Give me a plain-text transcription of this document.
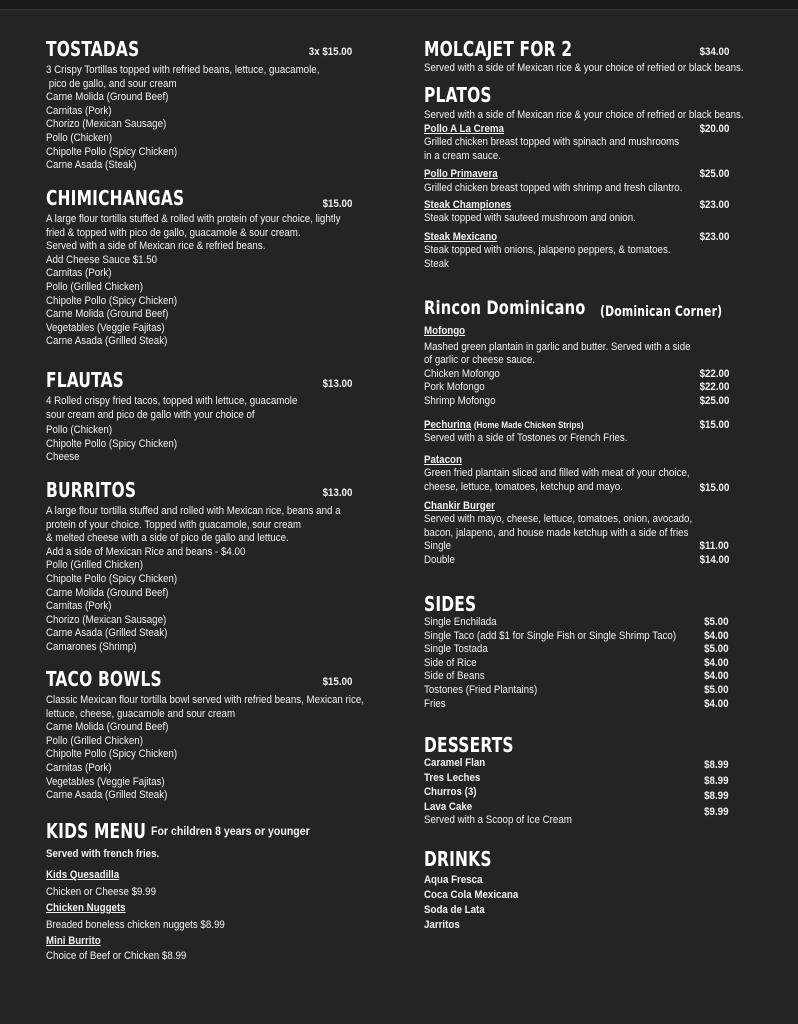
TOSTADAS	3x $15.00
3 Crispy Tortillas topped with refried beans, lettuce, guacamole,
pico de gallo, and sour cream
Carne Molida (Ground Beef)
Carnitas (Pork)
Chorizo (Mexican Sausage)
Pollo (Chicken)
Chipolte Pollo (Spicy Chicken)
Carne Asada (Steak)
CHIMICHANGAS	$15.00
A large flour tortilla stuffed & rolled with protein of your choice, lightly
fried & topped with pico de gallo, guacamole & sour cream.
Served with a side of Mexican rice & refried beans.
Add Cheese Sauce $1.50
Carnitas (Pork)
Pollo (Grilled Chicken)
Chipolte Pollo (Spicy Chicken)
Carne Molida (Ground Beef)
Vegetables (Veggie Fajitas)
Carne Asada (Grilled Steak)
FLAUTAS	$13.00
4 Rolled crispy fried tacos, topped with lettuce, guacamole
sour cream and pico de gallo with your choice of
Pollo (Chicken)
Chipolte Pollo (Spicy Chicken)
Cheese
BURRITOS	$13.00
A large flour tortilla stuffed and rolled with Mexican rice, beans and a
protein of your choice. Topped with guacamole, sour cream
& melted cheese with a side of pico de gallo and lettuce.
Add a side of Mexican Rice and beans - $4.00
Pollo (Grilled Chicken)
Chipolte Pollo (Spicy Chicken)
Carne Molida (Ground Beef)
Carnitas (Pork)
Chorizo (Mexican Sausage)
Carne Asada (Grilled Steak)
Camarones (Shrimp)
TACO BOWLS	$15.00
Classic Mexican flour tortilla bowl served with refried beans, Mexican rice,
lettuce, cheese, guacamole and sour cream
Carne Molida (Ground Beef)
Pollo (Grilled Chicken)
Chipolte Pollo (Spicy Chicken)
Carnitas (Pork)
Vegetables (Veggie Fajitas)
Carne Asada (Grilled Steak)
KIDS MENU For children 8 years or younger
Served with french fries.
Kids Quesadilla
Chicken or Cheese $9.99
Chicken Nuggets
Breaded boneless chicken nuggets $8.99
Mini Burrito
Choice of Beef or Chicken $8.99
MOLCAJET FOR 2	$34.00
Served with a side of Mexican rice & your choice of refried or black beans.
PLATOS
Served with a side of Mexican rice & your choice of refried or black beans.
Pollo A La Crema	$20.00
Grilled chicken breast topped with spinach and mushrooms
in a cream sauce.
Pollo Primavera	$25.00
Grilled chicken breast topped with shrimp and fresh cilantro.
Steak Championes	$23.00
Steak topped with sauteed mushroom and onion.
Steak Mexicano	$23.00
Steak topped with onions, jalapeno peppers, & tomatoes.
Steak
Rincon Dominicano (Dominican Corner)
Mofongo
Mashed green plantain in garlic and butter. Served with a side
of garlic or cheese sauce.
Chicken Mofongo	$22.00
Pork Mofongo	$22.00
Shrimp Mofongo	$25.00
Pechurina (Home Made Chicken Strips)	$15.00
Served with a side of Tostones or French Fries.
Patacon
Green fried plantain sliced and filled with meat of your choice,
cheese, lettuce, tomatoes, ketchup and mayo.	$15.00
Chankir Burger
Served with mayo, cheese, lettuce, tomatoes, onion, avocado,
bacon, jalapeno, and house made ketchup with a side of fries
Single	$11.00
Double	$14.00
SIDES
Single Enchilada	$5.00
Single Taco (add $1 for Single Fish or Single Shrimp Taco)	$4.00
Single Tostada	$5.00
Side of Rice	$4.00
Side of Beans	$4.00
Tostones (Fried Plantains)	$5.00
Fries	$4.00
DESSERTS
Caramel Flan	$8.99
Tres Leches	$8.99
Churros (3)	$8.99
Lava Cake	$9.99
Served with a Scoop of Ice Cream
DRINKS
Aqua Fresca
Coca Cola Mexicana
Soda de Lata
Jarritos
